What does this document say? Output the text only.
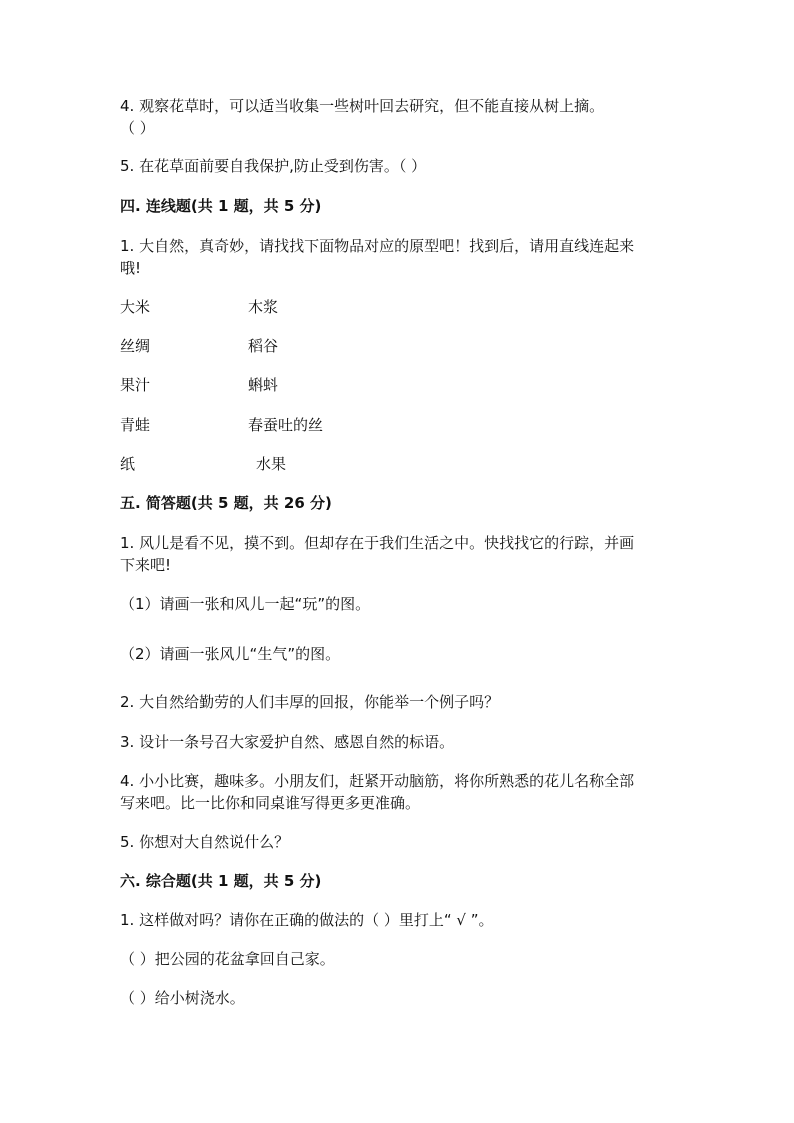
4. 观察花草时，可以适当收集一些树叶回去研究，但不能直接从树上摘。
（ ）
5. 在花草面前要自我保护,防止受到伤害。（ ）
四. 连线题(共 1 题，共 5 分)
1. 大自然，真奇妙，请找找下面物品对应的原型吧！找到后，请用直线连起来
哦!
大米	木浆
丝绸	稻谷
果汁	蝌蚪
青蛙	春蚕吐的丝
纸	水果
五. 简答题(共 5 题，共 26 分)
1. 风儿是看不见，摸不到。但却存在于我们生活之中。快找找它的行踪，并画
下来吧!
（1）请画一张和风儿一起“玩”的图。
（2）请画一张风儿“生气”的图。
2. 大自然给勤劳的人们丰厚的回报，你能举一个例子吗？
3. 设计一条号召大家爱护自然、感恩自然的标语。
4. 小小比赛，趣味多。小朋友们，赶紧开动脑筋，将你所熟悉的花儿名称全部
写来吧。比一比你和同桌谁写得更多更准确。
5. 你想对大自然说什么？
六. 综合题(共 1 题，共 5 分)
1. 这样做对吗？请你在正确的做法的（ ）里打上“ √ ”。
（ ）把公园的花盆拿回自己家。
（ ）给小树浇水。
